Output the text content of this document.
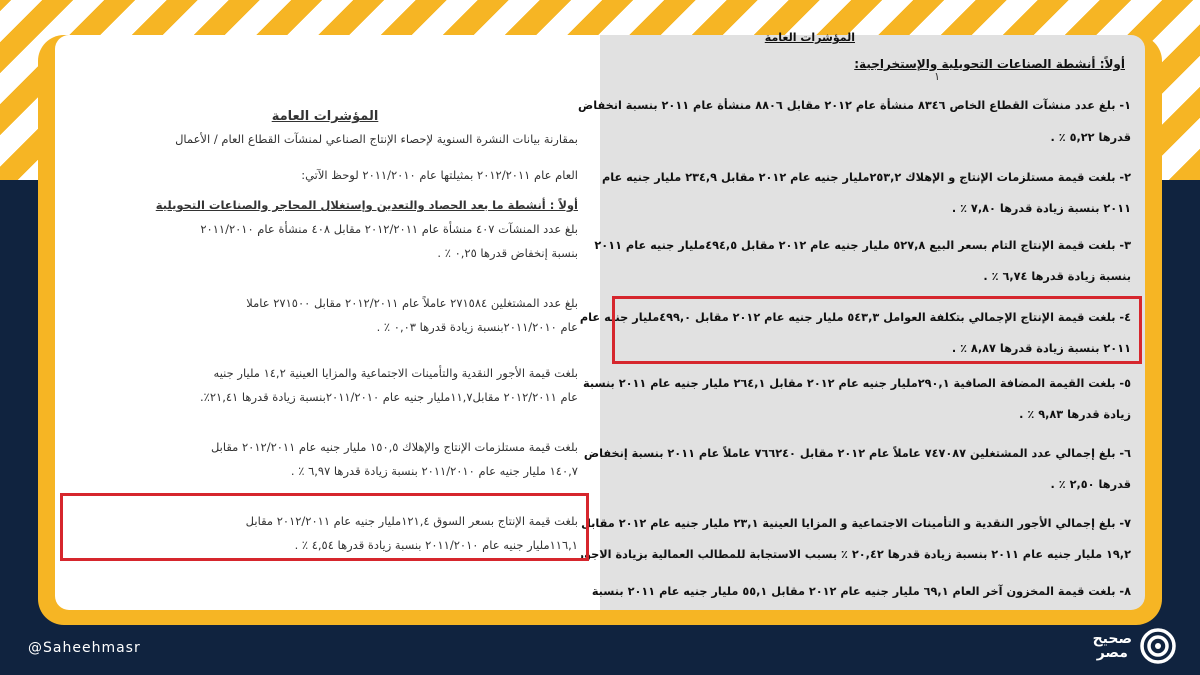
المؤشرات العامة
بمقارنة بيانات النشرة السنوية لإحصاء الإنتاج الصناعي لمنشآت القطاع العام / الأعمال
العام عام ٢٠١٢/٢٠١١ بمثيلتها عام ٢٠١١/٢٠١٠ لوحظ الآتي:
أولاً : أنشطة ما بعد الحصاد والتعدين وإستغلال المحاجر والصناعات التحويلية
بلغ عدد المنشآت ٤٠٧ منشأة عام ٢٠١٢/٢٠١١ مقابل ٤٠٨ منشأة عام ٢٠١١/٢٠١٠
بنسبة إنخفاض قدرها ٠,٢٥ ٪ .
بلغ عدد المشتغلين ٢٧١٥٨٤ عاملاً عام ٢٠١٢/٢٠١١ مقابل ٢٧١٥٠٠ عاملا
عام ٢٠١١/٢٠١٠بنسبة زيادة قدرها ٠,٠٣ ٪ .
بلغت قيمة الأجور النقدية والتأمينات الاجتماعية والمزايا العينية ١٤,٢ مليار جنيه
عام ٢٠١٢/٢٠١١ مقابل١١,٧مليار جنيه عام ٢٠١١/٢٠١٠بنسبة زيادة قدرها ٢١,٤١٪.
بلغت قيمة مستلزمات الإنتاج والإهلاك ١٥٠,٥ مليار جنيه عام ٢٠١٢/٢٠١١ مقابل
١٤٠,٧ مليار جنيه عام ٢٠١١/٢٠١٠ بنسبة زيادة قدرها ٦,٩٧ ٪ .
بلغت قيمة الإنتاج بسعر السوق ١٢١,٤مليار جنيه عام ٢٠١٢/٢٠١١ مقابل
١١٦,١مليار جنيه عام ٢٠١١/٢٠١٠ بنسبة زيادة قدرها ٤,٥٤ ٪ .
المؤشرات العامة
أولاً: أنشطة الصناعات التحويلية والإستخراجية:
١
١- بلغ عدد منشآت القطاع الخاص ٨٣٤٦ منشأة عام ٢٠١٢ مقابل ٨٨٠٦ منشأة عام ٢٠١١ بنسبة انخفاض
قدرها ٥,٢٢ ٪ .
٢- بلغت قيمة مستلزمات الإنتاج و الإهلاك ٢٥٣,٢مليار جنيه عام ٢٠١٢ مقابل ٢٣٤,٩ مليار جنيه عام
٢٠١١ بنسبة زيادة قدرها ٧,٨٠ ٪ .
٣- بلغت قيمة الإنتاج التام بسعر البيع ٥٢٧,٨ مليار جنيه عام ٢٠١٢ مقابل ٤٩٤,٥مليار جنيه عام ٢٠١١
بنسبة زيادة قدرها ٦,٧٤ ٪ .
٤- بلغت قيمة الإنتاج الإجمالي بتكلفة العوامل ٥٤٣,٣ مليار جنيه عام ٢٠١٢ مقابل ٤٩٩,٠مليار جنيه عام
٢٠١١ بنسبة زيادة قدرها ٨,٨٧ ٪ .
٥- بلغت القيمة المضافة الصافية ٢٩٠,١مليار جنيه عام ٢٠١٢ مقابل ٢٦٤,١ مليار جنيه عام ٢٠١١ بنسبة
زيادة قدرها ٩,٨٣ ٪ .
٦- بلغ إجمالي عدد المشتغلين ٧٤٧٠٨٧ عاملاً عام ٢٠١٢ مقابل ٧٦٦٢٤٠ عاملاً عام ٢٠١١ بنسبة إنخفاض
قدرها ٢,٥٠ ٪ .
٧- بلغ إجمالي الأجور النقدية و التأمينات الاجتماعية و المزايا العينية ٢٣,١ مليار جنيه عام ٢٠١٢ مقابل
١٩,٢ مليار جنيه عام ٢٠١١ بنسبة زيادة قدرها ٢٠,٤٢ ٪ بسبب الاستجابة للمطالب العمالية بزيادة الاجور
٨- بلغت قيمة المخزون آخر العام ٦٩,١ مليار جنيه عام ٢٠١٢ مقابل ٥٥,١ مليار جنيه عام ٢٠١١ بنسبة
@Saheehmasr
صحيح
مصر
